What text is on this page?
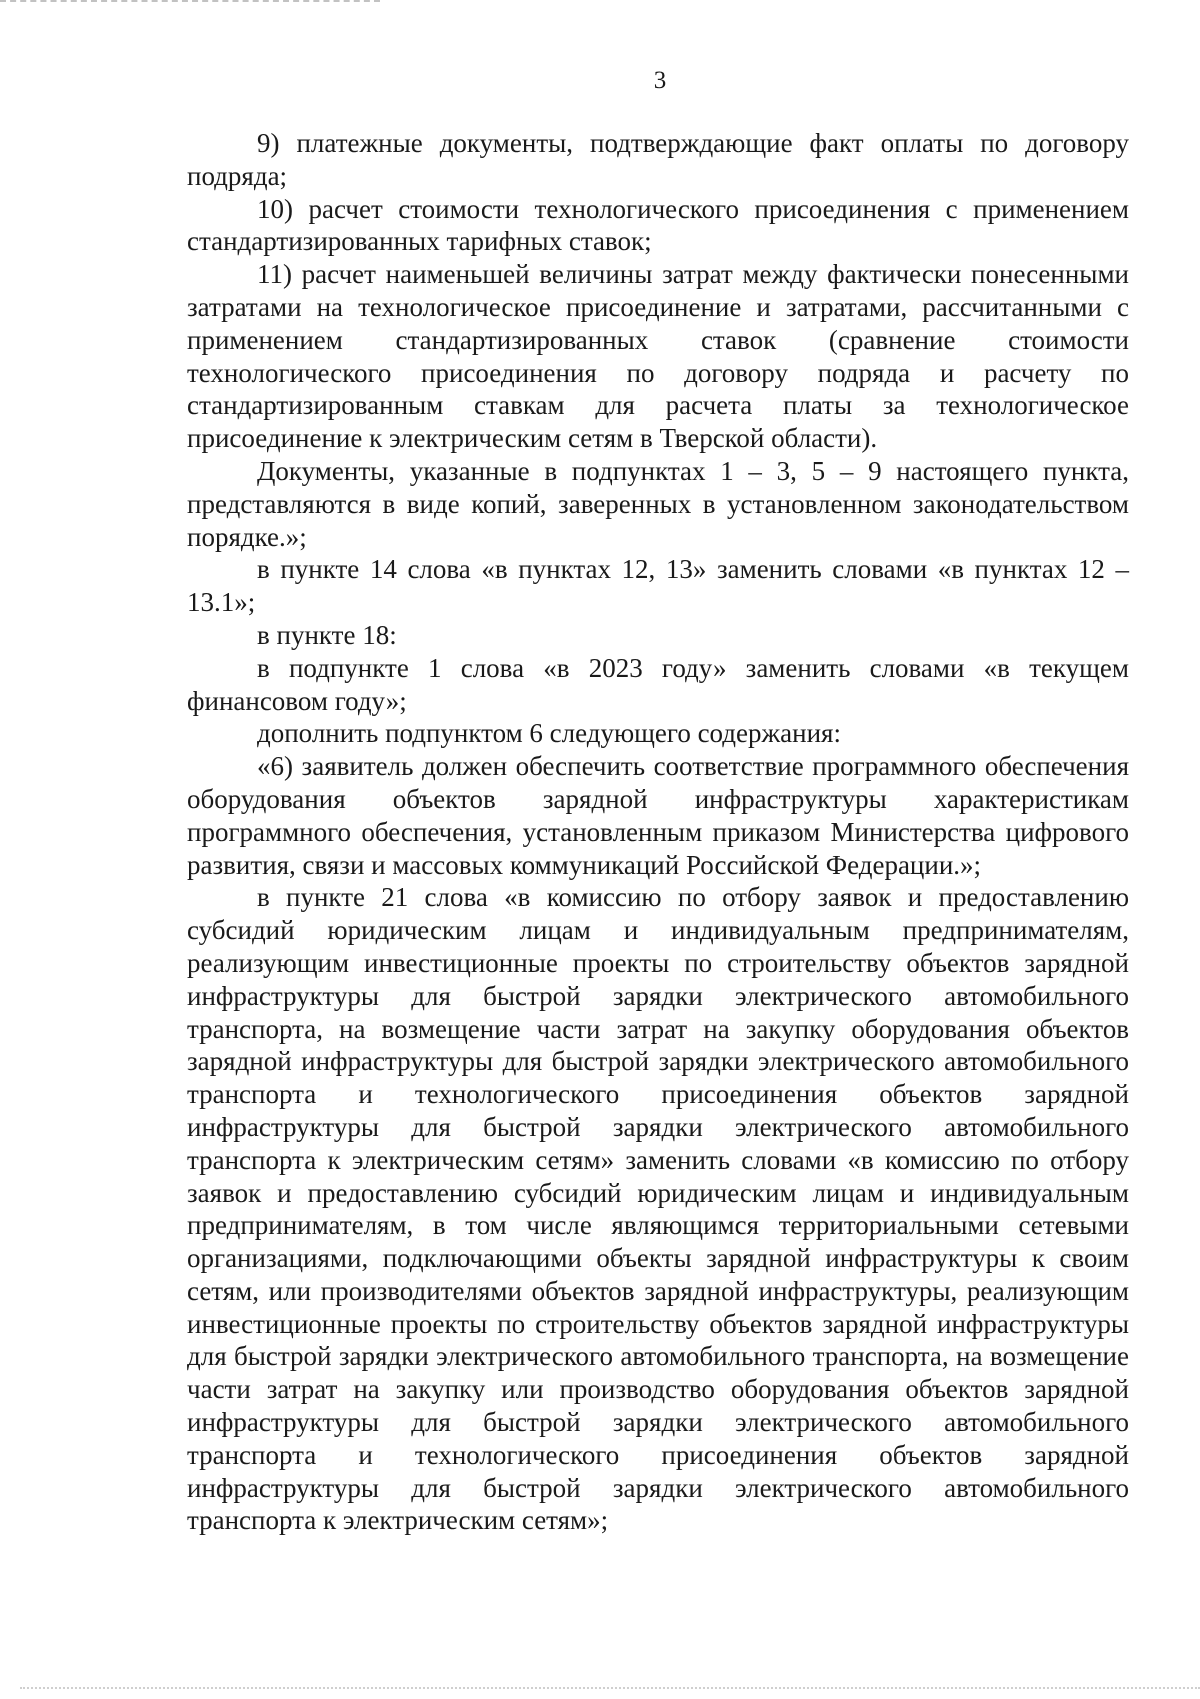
3

9) платежные документы, подтверждающие факт оплаты по договору подряда;

10) расчет стоимости технологического присоединения с применением стандартизированных тарифных ставок;

11) расчет наименьшей величины затрат между фактически понесенными затратами на технологическое присоединение и затратами, рассчитанными с применением стандартизированных ставок (сравнение стоимости технологического присоединения по договору подряда и расчету по стандартизированным ставкам для расчета платы за технологическое присоединение к электрическим сетям в Тверской области).

Документы, указанные в подпунктах 1 – 3, 5 – 9 настоящего пункта, представляются в виде копий, заверенных в установленном законодательством порядке.»;

в пункте 14 слова «в пунктах 12, 13» заменить словами «в пунктах 12 – 13.1»;

в пункте 18:

в подпункте 1 слова «в 2023 году» заменить словами «в текущем финансовом году»;

дополнить подпунктом 6 следующего содержания:

«6) заявитель должен обеспечить соответствие программного обеспечения оборудования объектов зарядной инфраструктуры характеристикам программного обеспечения, установленным приказом Министерства цифрового развития, связи и массовых коммуникаций Российской Федерации.»;

в пункте 21 слова «в комиссию по отбору заявок и предоставлению субсидий юридическим лицам и индивидуальным предпринимателям, реализующим инвестиционные проекты по строительству объектов зарядной инфраструктуры для быстрой зарядки электрического автомобильного транспорта, на возмещение части затрат на закупку оборудования объектов зарядной инфраструктуры для быстрой зарядки электрического автомобильного транспорта и технологического присоединения объектов зарядной инфраструктуры для быстрой зарядки электрического автомобильного транспорта к электрическим сетям» заменить словами «в комиссию по отбору заявок и предоставлению субсидий юридическим лицам и индивидуальным предпринимателям, в том числе являющимся территориальными сетевыми организациями, подключающими объекты зарядной инфраструктуры к своим сетям, или производителями объектов зарядной инфраструктуры, реализующим инвестиционные проекты по строительству объектов зарядной инфраструктуры для быстрой зарядки электрического автомобильного транспорта, на возмещение части затрат на закупку или производство оборудования объектов зарядной инфраструктуры для быстрой зарядки электрического автомобильного транспорта и технологического присоединения объектов зарядной инфраструктуры для быстрой зарядки электрического автомобильного транспорта к электрическим сетям»;
